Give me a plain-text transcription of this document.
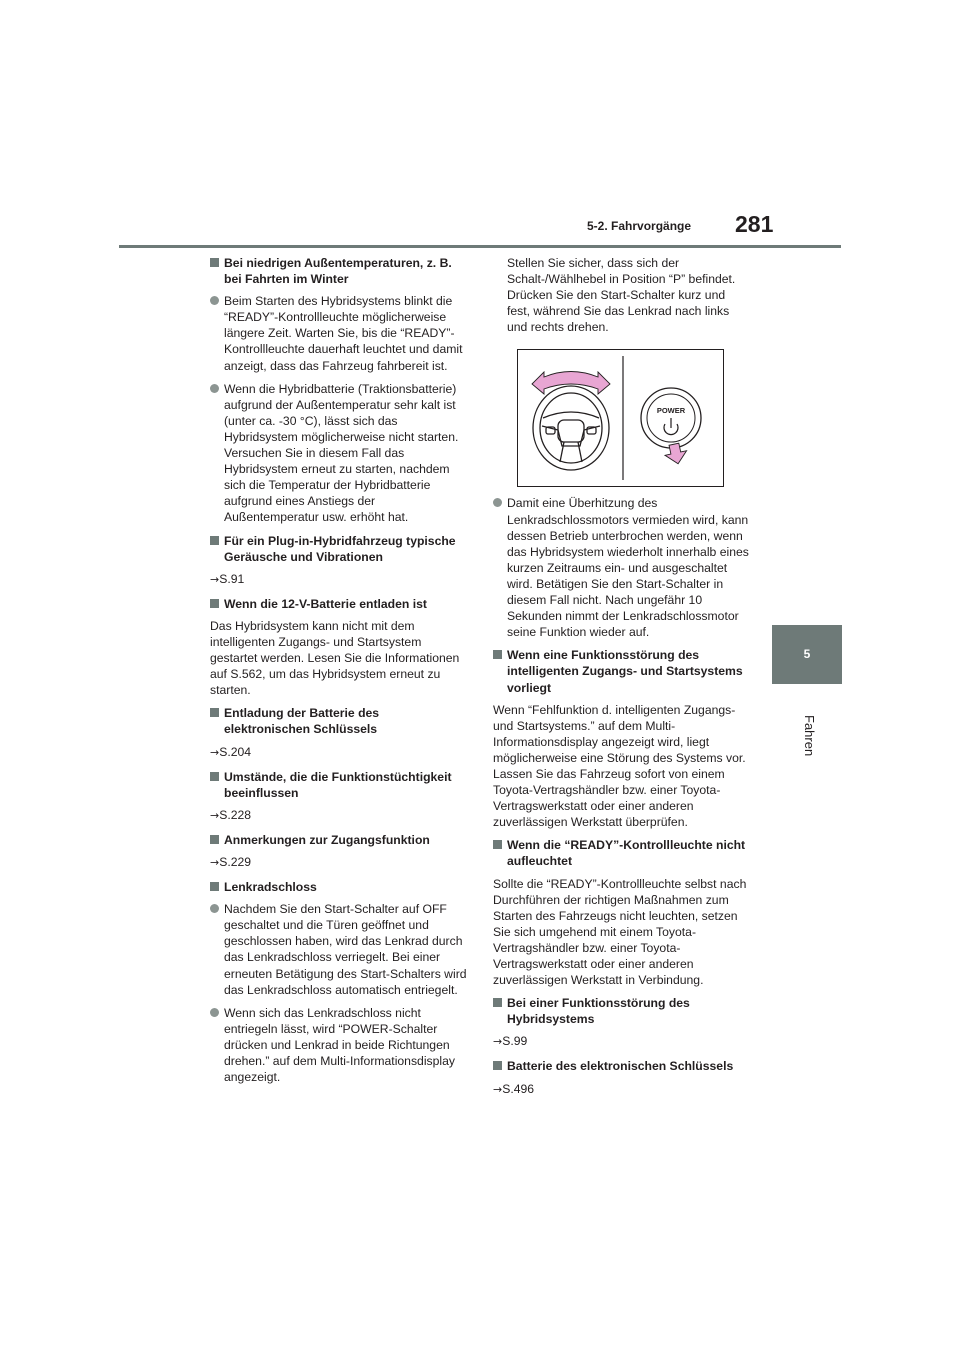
5-2. Fahrvorgänge 281
5
Fahren
Bei niedrigen Außentemperaturen, z. B. bei Fahrten im Winter
Beim Starten des Hybridsystems blinkt die “READY”-Kontrollleuchte möglicherweise längere Zeit. Warten Sie, bis die “READY”-Kontrollleuchte dauerhaft leuchtet und damit anzeigt, dass das Fahrzeug fahrbereit ist.
Wenn die Hybridbatterie (Traktionsbatterie) aufgrund der Außentemperatur sehr kalt ist (unter ca. -30 °C), lässt sich das Hybridsystem möglicherweise nicht starten. Versuchen Sie in diesem Fall das Hybridsystem erneut zu starten, nachdem sich die Temperatur der Hybridbatterie aufgrund eines Anstiegs der Außentemperatur usw. erhöht hat.
Für ein Plug-in-Hybridfahrzeug typische Geräusche und Vibrationen
→S.91
Wenn die 12-V-Batterie entladen ist
Das Hybridsystem kann nicht mit dem intelligenten Zugangs- und Startsystem gestartet werden. Lesen Sie die Informationen auf S.562, um das Hybridsystem erneut zu starten.
Entladung der Batterie des elektronischen Schlüssels
→S.204
Umstände, die die Funktionstüchtigkeit beeinflussen
→S.228
Anmerkungen zur Zugangsfunktion
→S.229
Lenkradschloss
Nachdem Sie den Start-Schalter auf OFF geschaltet und die Türen geöffnet und geschlossen haben, wird das Lenkrad durch das Lenkradschloss verriegelt. Bei einer erneuten Betätigung des Start-Schalters wird das Lenkradschloss automatisch entriegelt.
Wenn sich das Lenkradschloss nicht entriegeln lässt, wird “POWER-Schalter drücken und Lenkrad in beide Richtungen drehen.” auf dem Multi-Informationsdisplay angezeigt.
Stellen Sie sicher, dass sich der Schalt-/Wählhebel in Position “P” befindet. Drücken Sie den Start-Schalter kurz und fest, während Sie das Lenkrad nach links und rechts drehen.
POWER
Damit eine Überhitzung des Lenkradschlossmotors vermieden wird, kann dessen Betrieb unterbrochen werden, wenn das Hybridsystem wiederholt innerhalb eines kurzen Zeitraums ein- und ausgeschaltet wird. Betätigen Sie den Start-Schalter in diesem Fall nicht. Nach ungefähr 10 Sekunden nimmt der Lenkradschlossmotor seine Funktion wieder auf.
Wenn eine Funktionsstörung des intelligenten Zugangs- und Startsystems vorliegt
Wenn “Fehlfunktion d. intelligenten Zugangs- und Startsystems.” auf dem Multi-Informationsdisplay angezeigt wird, liegt möglicherweise eine Störung des Systems vor. Lassen Sie das Fahrzeug sofort von einem Toyota-Vertragshändler bzw. einer Toyota-Vertragswerkstatt oder einer anderen zuverlässigen Werkstatt überprüfen.
Wenn die “READY”-Kontrollleuchte nicht aufleuchtet
Sollte die “READY”-Kontrollleuchte selbst nach Durchführen der richtigen Maßnahmen zum Starten des Fahrzeugs nicht leuchten, setzen Sie sich umgehend mit einem Toyota-Vertragshändler bzw. einer Toyota-Vertragswerkstatt oder einer anderen zuverlässigen Werkstatt in Verbindung.
Bei einer Funktionsstörung des Hybridsystems
→S.99
Batterie des elektronischen Schlüssels
→S.496
